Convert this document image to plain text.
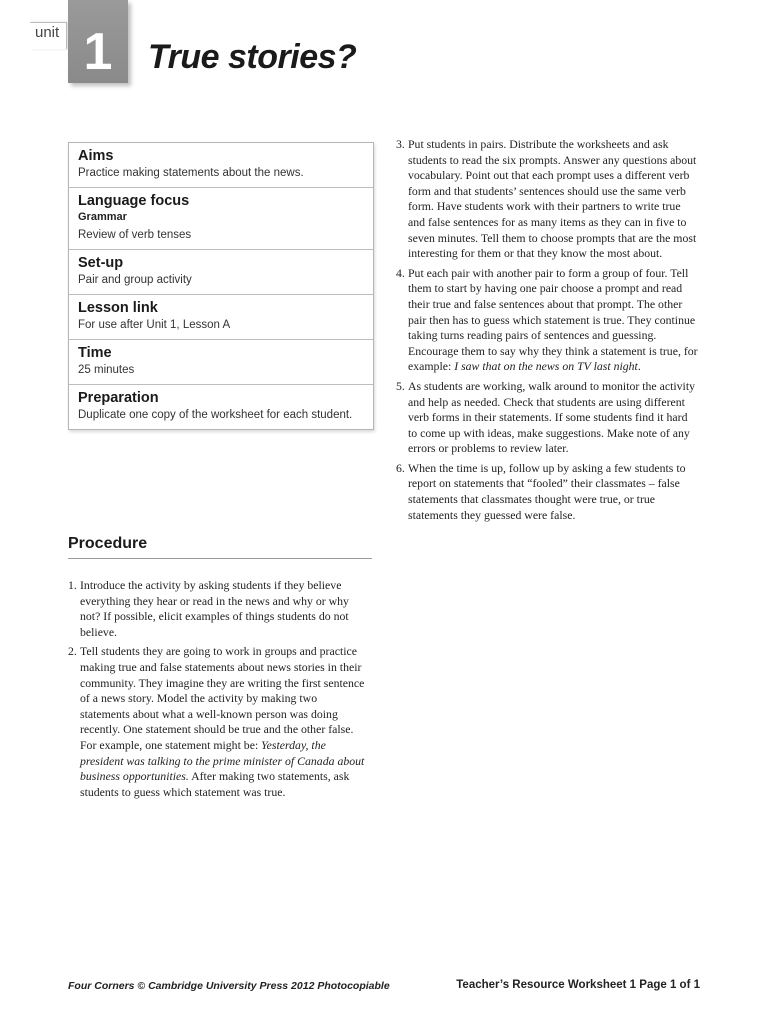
unit 1	True stories?
Aims
Practice making statements about the news.
Language focus
Grammar
Review of verb tenses
Set-up
Pair and group activity
Lesson link
For use after Unit 1, Lesson A
Time
25 minutes
Preparation
Duplicate one copy of the worksheet for each student.
Procedure
1. Introduce the activity by asking students if they believe everything they hear or read in the news and why or why not? If possible, elicit examples of things students do not believe.
2. Tell students they are going to work in groups and practice making true and false statements about news stories in their community. They imagine they are writing the first sentence of a news story. Model the activity by making two statements about what a well-known person was doing recently. One statement should be true and the other false. For example, one statement might be: Yesterday, the president was talking to the prime minister of Canada about business opportunities. After making two statements, ask students to guess which statement was true.
3. Put students in pairs. Distribute the worksheets and ask students to read the six prompts. Answer any questions about vocabulary. Point out that each prompt uses a different verb form and that students’ sentences should use the same verb form. Have students work with their partners to write true and false sentences for as many items as they can in five to seven minutes. Tell them to choose prompts that are the most interesting for them or that they know the most about.
4. Put each pair with another pair to form a group of four. Tell them to start by having one pair choose a prompt and read their true and false sentences about that prompt. The other pair then has to guess which statement is true. They continue taking turns reading pairs of sentences and guessing. Encourage them to say why they think a statement is true, for example: I saw that on the news on TV last night.
5. As students are working, walk around to monitor the activity and help as needed. Check that students are using different verb forms in their statements. If some students find it hard to come up with ideas, make suggestions. Make note of any errors or problems to review later.
6. When the time is up, follow up by asking a few students to report on statements that “fooled” their classmates – false statements that classmates thought were true, or true statements they guessed were false.
Four Corners © Cambridge University Press 2012 Photocopiable	Teacher’s Resource Worksheet 1 Page 1 of 1
